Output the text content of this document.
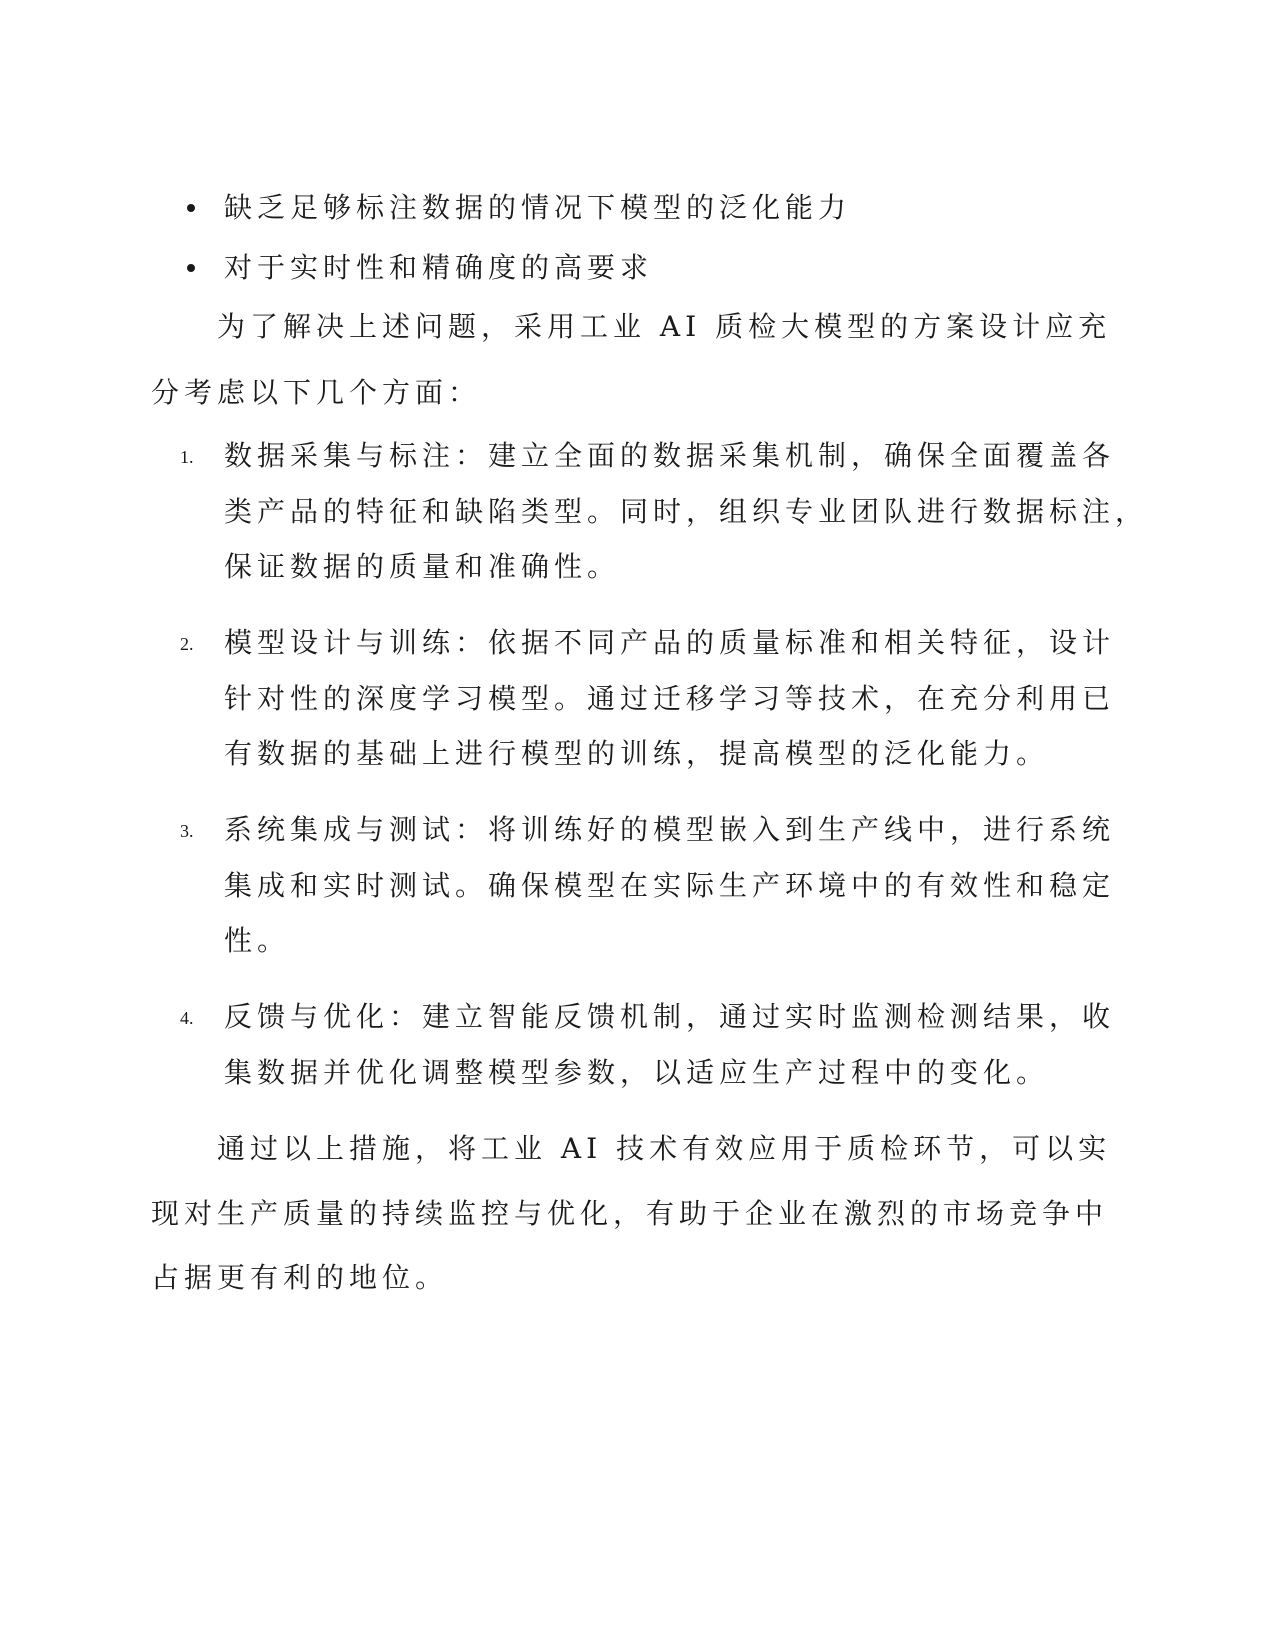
缺乏足够标注数据的情况下模型的泛化能力
对于实时性和精确度的高要求
为了解决上述问题，采用工业 AI 质检大模型的方案设计应充
分考虑以下几个方面：
1.	数据采集与标注：建立全面的数据采集机制，确保全面覆盖各
类产品的特征和缺陷类型。同时，组织专业团队进行数据标注，
保证数据的质量和准确性。
2.	模型设计与训练：依据不同产品的质量标准和相关特征，设计
针对性的深度学习模型。通过迁移学习等技术，在充分利用已
有数据的基础上进行模型的训练，提高模型的泛化能力。
3.	系统集成与测试：将训练好的模型嵌入到生产线中，进行系统
集成和实时测试。确保模型在实际生产环境中的有效性和稳定
性。
4.	反馈与优化：建立智能反馈机制，通过实时监测检测结果，收
集数据并优化调整模型参数，以适应生产过程中的变化。
通过以上措施，将工业 AI 技术有效应用于质检环节，可以实
现对生产质量的持续监控与优化，有助于企业在激烈的市场竞争中
占据更有利的地位。
